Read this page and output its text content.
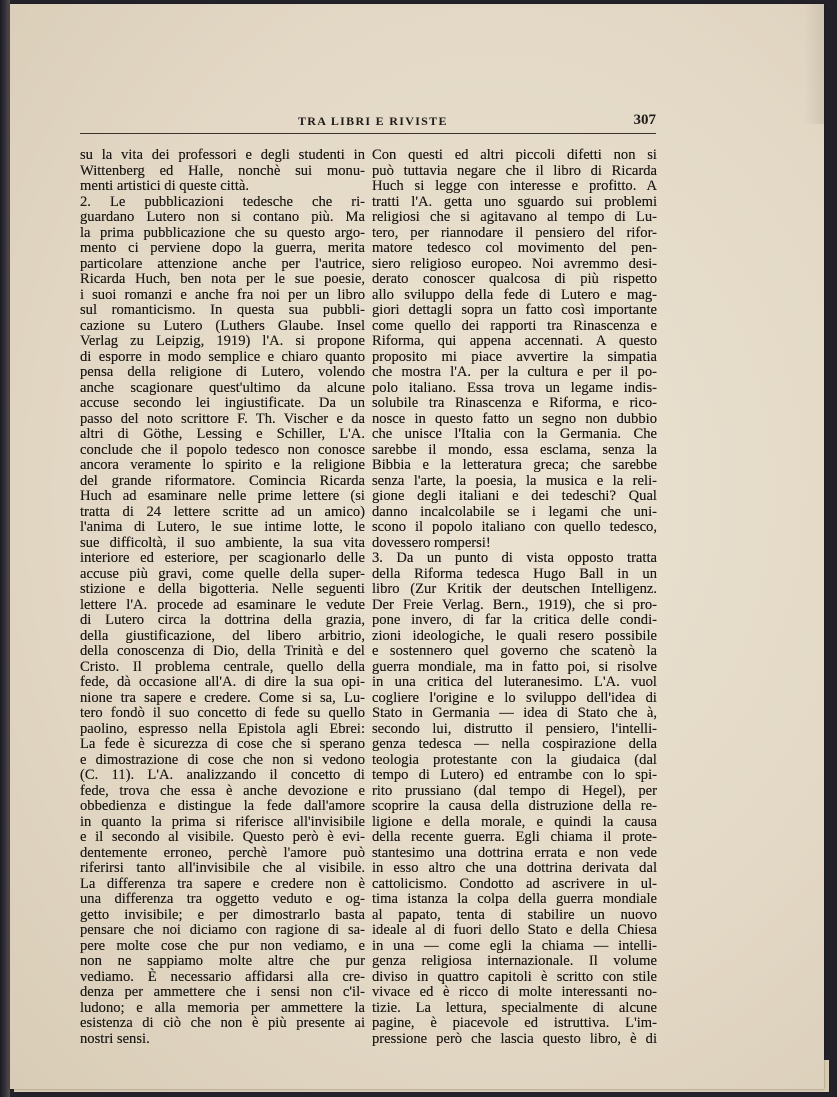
TRA LIBRI E RIVISTE	307
su la vita dei professori e degli studenti in
Wittenberg ed Halle, nonchè sui monu-
menti artistici di queste città.
2. Le pubblicazioni tedesche che ri-
guardano Lutero non si contano più. Ma
la prima pubblicazione che su questo argo-
mento ci perviene dopo la guerra, merita
particolare attenzione anche per l'autrice,
Ricarda Huch, ben nota per le sue poesie,
i suoi romanzi e anche fra noi per un libro
sul romanticismo. In questa sua pubbli-
cazione su Lutero (Luthers Glaube. Insel
Verlag zu Leipzig, 1919) l'A. si propone
di esporre in modo semplice e chiaro quanto
pensa della religione di Lutero, volendo
anche scagionare quest'ultimo da alcune
accuse secondo lei ingiustificate. Da un
passo del noto scrittore F. Th. Vischer e da
altri di Göthe, Lessing e Schiller, L'A.
conclude che il popolo tedesco non conosce
ancora veramente lo spirito e la religione
del grande riformatore. Comincia Ricarda
Huch ad esaminare nelle prime lettere (si
tratta di 24 lettere scritte ad un amico)
l'anima di Lutero, le sue intime lotte, le
sue difficoltà, il suo ambiente, la sua vita
interiore ed esteriore, per scagionarlo delle
accuse più gravi, come quelle della super-
stizione e della bigotteria. Nelle seguenti
lettere l'A. procede ad esaminare le vedute
di Lutero circa la dottrina della grazia,
della giustificazione, del libero arbitrio,
della conoscenza di Dio, della Trinità e del
Cristo. Il problema centrale, quello della
fede, dà occasione all'A. di dire la sua opi-
nione tra sapere e credere. Come si sa, Lu-
tero fondò il suo concetto di fede su quello
paolino, espresso nella Epistola agli Ebrei:
La fede è sicurezza di cose che si sperano
e dimostrazione di cose che non si vedono
(C. 11). L'A. analizzando il concetto di
fede, trova che essa è anche devozione e
obbedienza e distingue la fede dall'amore
in quanto la prima si riferisce all'invisibile
e il secondo al visibile. Questo però è evi-
dentemente erroneo, perchè l'amore può
riferirsi tanto all'invisibile che al visibile.
La differenza tra sapere e credere non è
una differenza tra oggetto veduto e og-
getto invisibile; e per dimostrarlo basta
pensare che noi diciamo con ragione di sa-
pere molte cose che pur non vediamo, e
non ne sappiamo molte altre che pur
vediamo. È necessario affidarsi alla cre-
denza per ammettere che i sensi non c'il-
ludono; e alla memoria per ammettere la
esistenza di ciò che non è più presente ai
nostri sensi.
Con questi ed altri piccoli difetti non si
può tuttavia negare che il libro di Ricarda
Huch si legge con interesse e profitto. A
tratti l'A. getta uno sguardo sui problemi
religiosi che si agitavano al tempo di Lu-
tero, per riannodare il pensiero del rifor-
matore tedesco col movimento del pen-
siero religioso europeo. Noi avremmo desi-
derato conoscer qualcosa di più rispetto
allo sviluppo della fede di Lutero e mag-
giori dettagli sopra un fatto così importante
come quello dei rapporti tra Rinascenza e
Riforma, qui appena accennati. A questo
proposito mi piace avvertire la simpatia
che mostra l'A. per la cultura e per il po-
polo italiano. Essa trova un legame indis-
solubile tra Rinascenza e Riforma, e rico-
nosce in questo fatto un segno non dubbio
che unisce l'Italia con la Germania. Che
sarebbe il mondo, essa esclama, senza la
Bibbia e la letteratura greca; che sarebbe
senza l'arte, la poesia, la musica e la reli-
gione degli italiani e dei tedeschi? Qual
danno incalcolabile se i legami che uni-
scono il popolo italiano con quello tedesco,
dovessero rompersi!
3. Da un punto di vista opposto tratta
della Riforma tedesca Hugo Ball in un
libro (Zur Kritik der deutschen Intelligenz.
Der Freie Verlag. Bern., 1919), che si pro-
pone invero, di far la critica delle condi-
zioni ideologiche, le quali resero possibile
e sostennero quel governo che scatenò la
guerra mondiale, ma in fatto poi, si risolve
in una critica del luteranesimo. L'A. vuol
cogliere l'origine e lo sviluppo dell'idea di
Stato in Germania — idea di Stato che à,
secondo lui, distrutto il pensiero, l'intelli-
genza tedesca — nella cospirazione della
teologia protestante con la giudaica (dal
tempo di Lutero) ed entrambe con lo spi-
rito prussiano (dal tempo di Hegel), per
scoprire la causa della distruzione della re-
ligione e della morale, e quindi la causa
della recente guerra. Egli chiama il prote-
stantesimo una dottrina errata e non vede
in esso altro che una dottrina derivata dal
cattolicismo. Condotto ad ascrivere in ul-
tima istanza la colpa della guerra mondiale
al papato, tenta di stabilire un nuovo
ideale al di fuori dello Stato e della Chiesa
in una — come egli la chiama — intelli-
genza religiosa internazionale. Il volume
diviso in quattro capitoli è scritto con stile
vivace ed è ricco di molte interessanti no-
tizie. La lettura, specialmente di alcune
pagine, è piacevole ed istruttiva. L'im-
pressione però che lascia questo libro, è di
